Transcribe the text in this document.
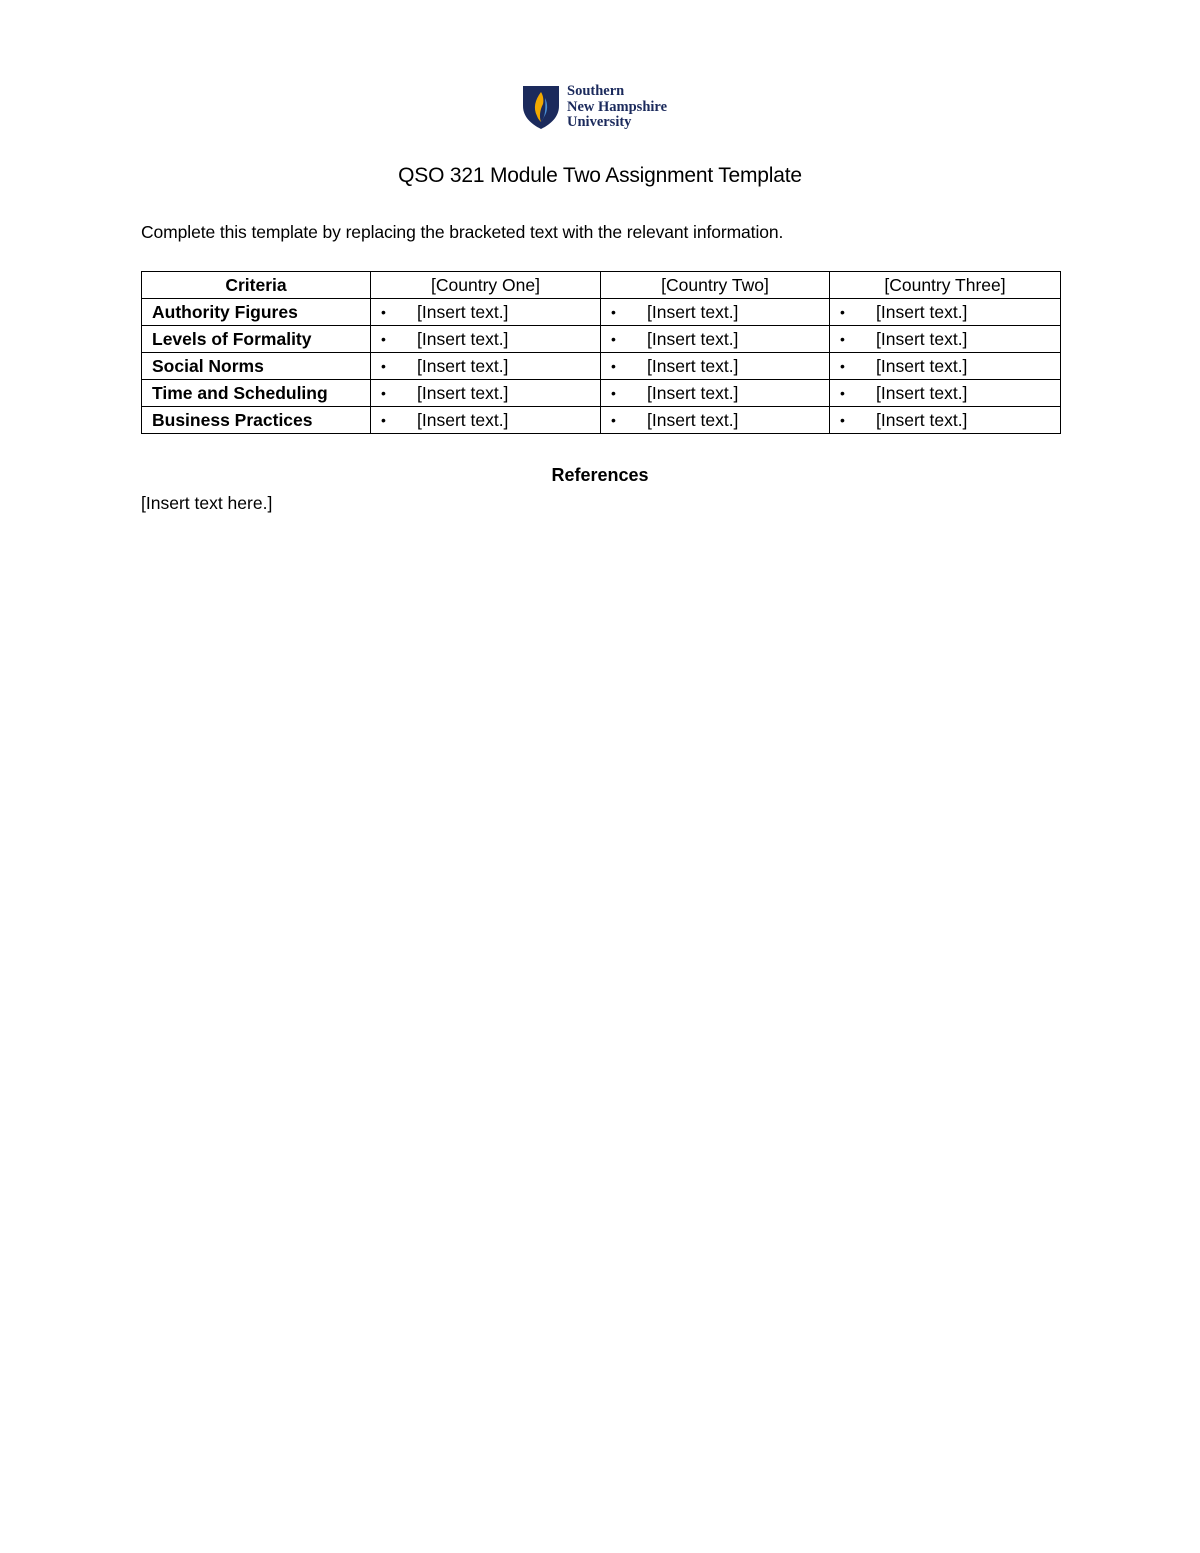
Southern
New Hampshire
University
QSO 321 Module Two Assignment Template

Complete this template by replacing the bracketed text with the relevant information.

Criteria	[Country One]	[Country Two]	[Country Three]
Authority Figures	• [Insert text.]	• [Insert text.]	• [Insert text.]

Levels of Formality	• [Insert text.]	• [Insert text.]	• [Insert text.]

Social Norms	• [Insert text.]	• [Insert text.]	• [Insert text.]

Time and Scheduling	• [Insert text.]	• [Insert text.]	• [Insert text.]

Business Practices	• [Insert text.]	• [Insert text.]	• [Insert text.]
References

[Insert text here.]
